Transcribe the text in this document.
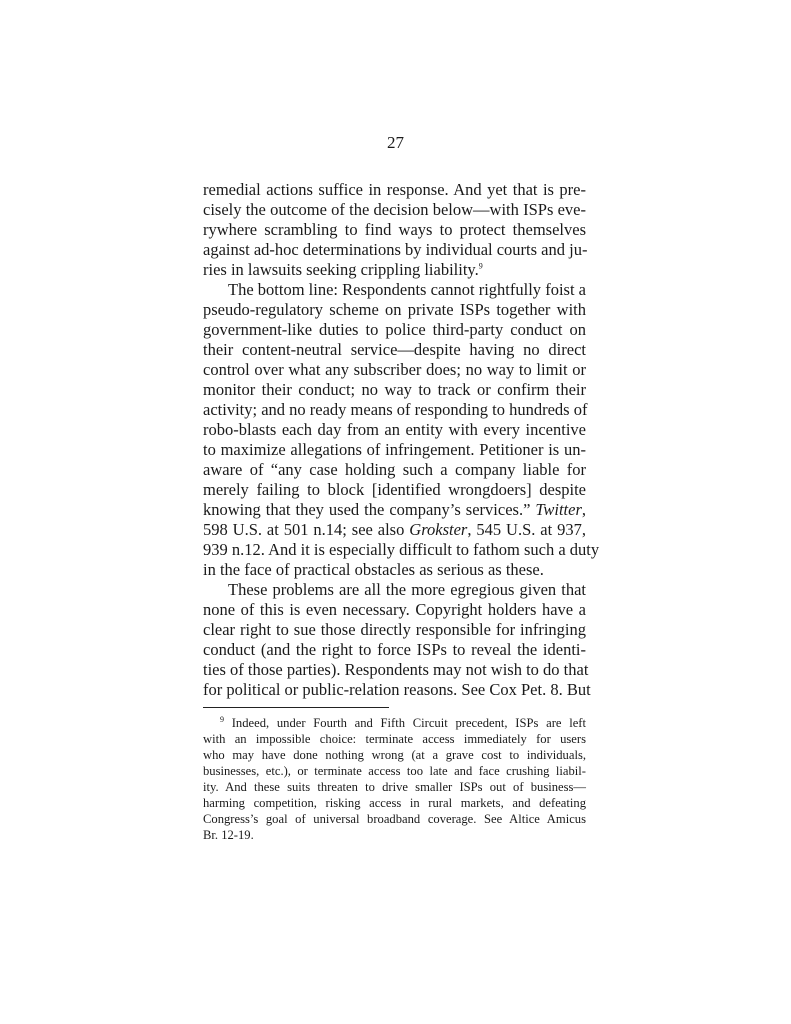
27
remedial actions suffice in response. And yet that is pre-
cisely the outcome of the decision below—with ISPs eve-
rywhere scrambling to find ways to protect themselves
against ad-hoc determinations by individual courts and ju-
ries in lawsuits seeking crippling liability.$^9$
The bottom line: Respondents cannot rightfully foist a
pseudo-regulatory scheme on private ISPs together with
government-like duties to police third-party conduct on
their content-neutral service—despite having no direct
control over what any subscriber does; no way to limit or
monitor their conduct; no way to track or confirm their
activity; and no ready means of responding to hundreds of
robo-blasts each day from an entity with every incentive
to maximize allegations of infringement. Petitioner is un-
aware of “any case holding such a company liable for
merely failing to block [identified wrongdoers] despite
knowing that they used the company’s services.” Twitter,
598 U.S. at 501 n.14; see also Grokster, 545 U.S. at 937,
939 n.12. And it is especially difficult to fathom such a duty
in the face of practical obstacles as serious as these.
These problems are all the more egregious given that
none of this is even necessary. Copyright holders have a
clear right to sue those directly responsible for infringing
conduct (and the right to force ISPs to reveal the identi-
ties of those parties). Respondents may not wish to do that
for political or public-relation reasons. See Cox Pet. 8. But
$^9$ Indeed, under Fourth and Fifth Circuit precedent, ISPs are left
with an impossible choice: terminate access immediately for users
who may have done nothing wrong (at a grave cost to individuals,
businesses, etc.), or terminate access too late and face crushing liabil-
ity. And these suits threaten to drive smaller ISPs out of business—
harming competition, risking access in rural markets, and defeating
Congress’s goal of universal broadband coverage. See Altice Amicus
Br. 12-19.
